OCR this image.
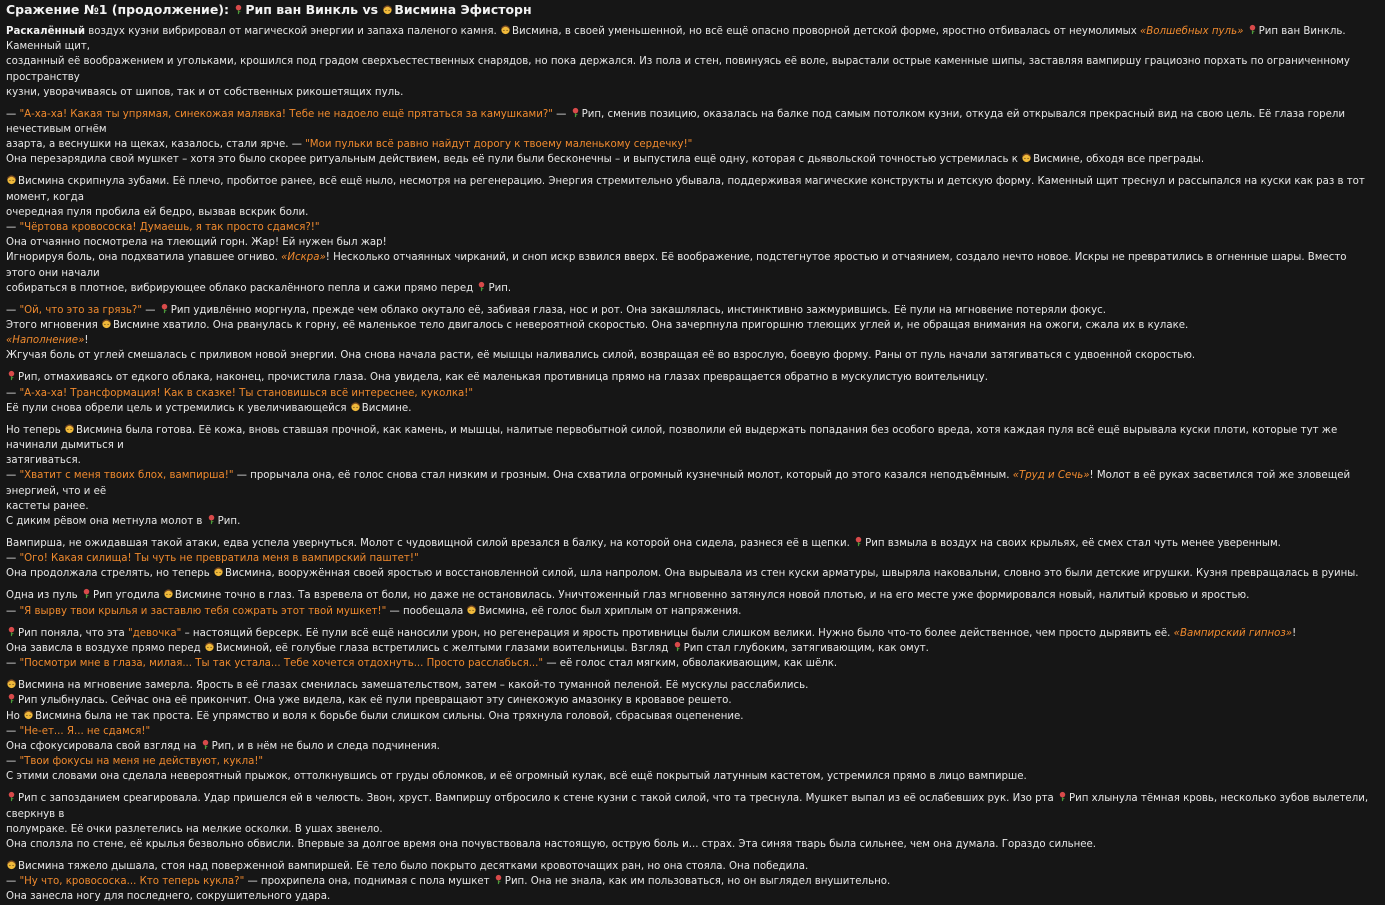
Сражение №1 (продолжение):
Рип ван Винкль vs
Висмина Эфисторн
Раскалённый воздух кузни вибрировал от магической энергии и запаха паленого камня.
Висмина, в своей уменьшенной, но всё ещё опасно проворной детской форме, яростно отбивалась от неумолимых «Волшебных пуль» Рип ван Винкль. Каменный щит,
созданный её воображением и угольками, крошился под градом сверхъестественных снарядов, но пока держался. Из пола и стен, повинуясь её воле, вырастали острые каменные шипы, заставляя вампиршу грациозно порхать по ограниченному пространству
кузни, уворачиваясь от шипов, так и от собственных рикошетящих пуль.
— "А-ха-ха! Какая ты упрямая, синекожая малявка! Тебе не надоело ещё прятаться за камушками?" —
Рип, сменив позицию, оказалась на балке под самым потолком кузни, откуда ей открывался прекрасный вид на свою цель. Её глаза горели нечестивым огнём
азарта, а веснушки на щеках, казалось, стали ярче. — "Мои пульки всё равно найдут дорогу к твоему маленькому сердечку!"
Она перезарядила свой мушкет – хотя это было скорее ритуальным действием, ведь её пули были бесконечны – и выпустила ещё одну, которая с дьявольской точностью устремилась к
Висмине, обходя все преграды.
Висмина скрипнула зубами. Её плечо, пробитое ранее, всё ещё ныло, несмотря на регенерацию. Энергия стремительно убывала, поддерживая магические конструкты и детскую форму. Каменный щит треснул и рассыпался на куски как раз в тот момент, когда
очередная пуля пробила ей бедро, вызвав вскрик боли.
— "Чёртова кровососка! Думаешь, я так просто сдамся?!"
Она отчаянно посмотрела на тлеющий горн. Жар! Ей нужен был жар!
Игнорируя боль, она подхватила упавшее огниво. «Искра»! Несколько отчаянных чирканий, и сноп искр взвился вверх. Её воображение, подстегнутое яростью и отчаянием, создало нечто новое. Искры не превратились в огненные шары. Вместо этого они начали
собираться в плотное, вибрирующее облако раскалённого пепла и сажи прямо перед
Рип.
— "Ой, что это за грязь?" —
Рип удивлённо моргнула, прежде чем облако окутало её, забивая глаза, нос и рот. Она закашлялась, инстинктивно зажмурившись. Её пули на мгновение потеряли фокус.
Этого мгновения
Висмине хватило. Она рванулась к горну, её маленькое тело двигалось с невероятной скоростью. Она зачерпнула пригоршню тлеющих углей и, не обращая внимания на ожоги, сжала их в кулаке.
«Наполнение»!
Жгучая боль от углей смешалась с приливом новой энергии. Она снова начала расти, её мышцы наливались силой, возвращая её во взрослую, боевую форму. Раны от пуль начали затягиваться с удвоенной скоростью.
Рип, отмахиваясь от едкого облака, наконец, прочистила глаза. Она увидела, как её маленькая противница прямо на глазах превращается обратно в мускулистую воительницу.
— "А-ха-ха! Трансформация! Как в сказке! Ты становишься всё интереснее, куколка!"
Её пули снова обрели цель и устремились к увеличивающейся
Висмине.
Но теперь
Висмина была готова. Её кожа, вновь ставшая прочной, как камень, и мышцы, налитые первобытной силой, позволили ей выдержать попадания без особого вреда, хотя каждая пуля всё ещё вырывала куски плоти, которые тут же начинали дымиться и
затягиваться.
— "Хватит с меня твоих блох, вампирша!" — прорычала она, её голос снова стал низким и грозным. Она схватила огромный кузнечный молот, который до этого казался неподъёмным. «Труд и Сечь»! Молот в её руках засветился той же зловещей энергией, что и её
кастеты ранее.
С диким рёвом она метнула молот в
Рип.
Вампирша, не ожидавшая такой атаки, едва успела увернуться. Молот с чудовищной силой врезался в балку, на которой она сидела, разнеся её в щепки.
Рип взмыла в воздух на своих крыльях, её смех стал чуть менее уверенным.
— "Ого! Какая силища! Ты чуть не превратила меня в вампирский паштет!"
Она продолжала стрелять, но теперь
Висмина, вооружённая своей яростью и восстановленной силой, шла напролом. Она вырывала из стен куски арматуры, швыряла наковальни, словно это были детские игрушки. Кузня превращалась в руины.
Одна из пуль
Рип угодила
Висмине точно в глаз. Та взревела от боли, но даже не остановилась. Уничтоженный глаз мгновенно затянулся новой плотью, и на его месте уже формировался новый, налитый кровью и яростью.
— "Я вырву твои крылья и заставлю тебя сожрать этот твой мушкет!" — пообещала
Висмина, её голос был хриплым от напряжения.
Рип поняла, что эта "девочка" – настоящий берсерк. Её пули всё ещё наносили урон, но регенерация и ярость противницы были слишком велики. Нужно было что-то более действенное, чем просто дырявить её. «Вампирский гипноз»!
Она зависла в воздухе прямо перед
Висминой, её голубые глаза встретились с желтыми глазами воительницы. Взгляд
Рип стал глубоким, затягивающим, как омут.
— "Посмотри мне в глаза, милая... Ты так устала... Тебе хочется отдохнуть... Просто расслабься..." — её голос стал мягким, обволакивающим, как шёлк.
Висмина на мгновение замерла. Ярость в её глазах сменилась замешательством, затем – какой-то туманной пеленой. Её мускулы расслабились.
Рип улыбнулась. Сейчас она её прикончит. Она уже видела, как её пули превращают эту синекожую амазонку в кровавое решето.
Но
Висмина была не так проста. Её упрямство и воля к борьбе были слишком сильны. Она тряхнула головой, сбрасывая оцепенение.
— "Не-ет... Я... не сдамся!"
Она сфокусировала свой взгляд на
Рип, и в нём не было и следа подчинения.
— "Твои фокусы на меня не действуют, кукла!"
С этими словами она сделала невероятный прыжок, оттолкнувшись от груды обломков, и её огромный кулак, всё ещё покрытый латунным кастетом, устремился прямо в лицо вампирше.
Рип с запозданием среагировала. Удар пришелся ей в челюсть. Звон, хруст. Вампиршу отбросило к стене кузни с такой силой, что та треснула. Мушкет выпал из её ослабевших рук. Изо рта
Рип хлынула тёмная кровь, несколько зубов вылетели, сверкнув в
полумраке. Её очки разлетелись на мелкие осколки. В ушах звенело.
Она сползла по стене, её крылья безвольно обвисли. Впервые за долгое время она почувствовала настоящую, острую боль и... страх. Эта синяя тварь была сильнее, чем она думала. Гораздо сильнее.
Висмина тяжело дышала, стоя над поверженной вампиршей. Её тело было покрыто десятками кровоточащих ран, но она стояла. Она победила.
— "Ну что, кровососка... Кто теперь кукла?" — прохрипела она, поднимая с пола мушкет
Рип. Она не знала, как им пользоваться, но он выглядел внушительно.
Она занесла ногу для последнего, сокрушительного удара.
